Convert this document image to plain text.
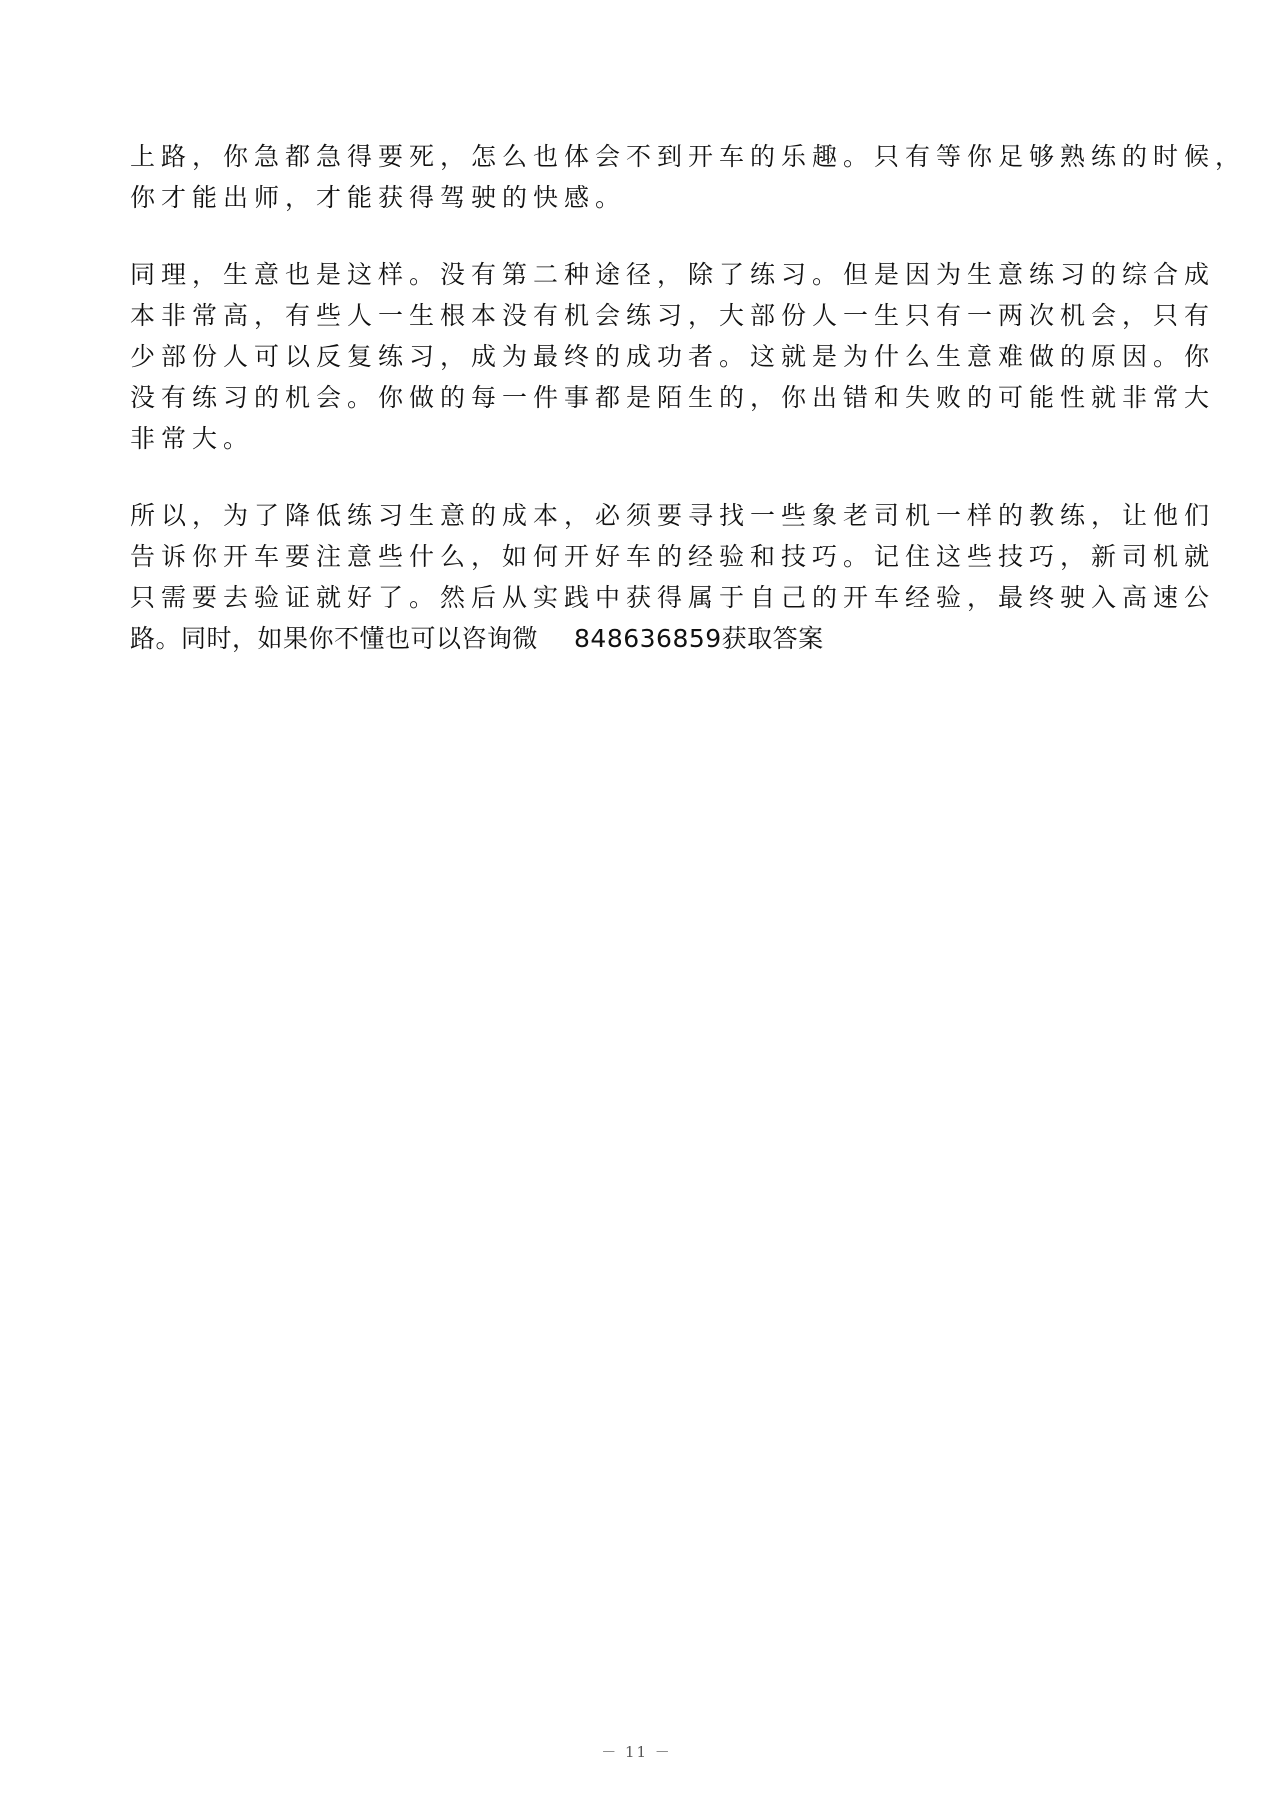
上路，你急都急得要死，怎么也体会不到开车的乐趣。只有等你足够熟练的时候，
你才能出师，才能获得驾驶的快感。

同理，生意也是这样。没有第二种途径，除了练习。但是因为生意练习的综合成
本非常高，有些人一生根本没有机会练习，大部份人一生只有一两次机会，只有
少部份人可以反复练习，成为最终的成功者。这就是为什么生意难做的原因。你
没有练习的机会。你做的每一件事都是陌生的，你出错和失败的可能性就非常大
非常大。

所以，为了降低练习生意的成本，必须要寻找一些象老司机一样的教练，让他们
告诉你开车要注意些什么，如何开好车的经验和技巧。记住这些技巧，新司机就
只需要去验证就好了。然后从实践中获得属于自己的开车经验，最终驶入高速公
路。同时，如果你不懂也可以咨询微 848636859获取答案

－ 11 －
